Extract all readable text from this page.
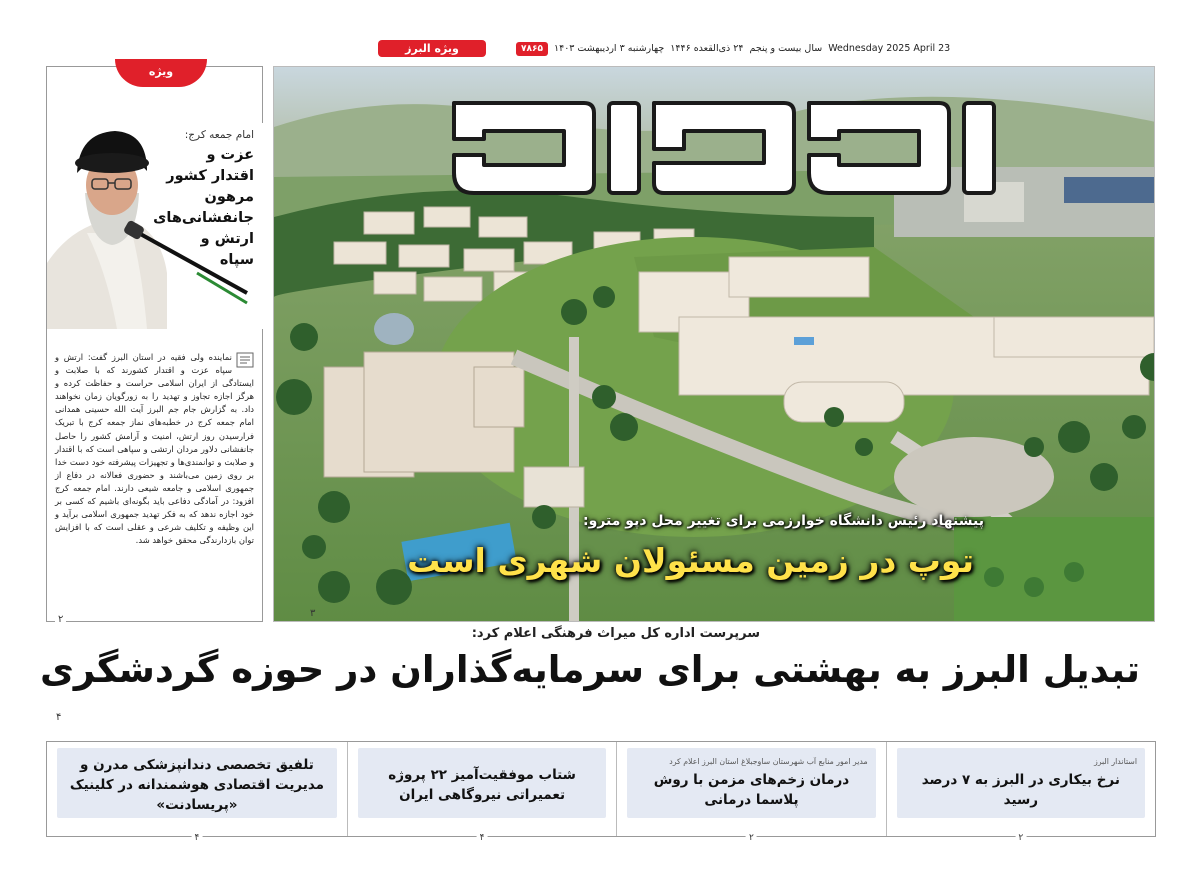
ویژه البرز	۷۸۶۵	چهارشنبه ۳ اردیبهشت ۱۴۰۳ ۲۴ ذی‌القعده ۱۴۴۶ سال بیست و پنجم Wednesday 2025 April 23
پیشنهاد رئیس دانشگاه خوارزمی برای تغییر محل دپو مترو:
توپ در زمین مسئولان شهری است
۳
ویژه
امام جمعه کرج:
عزت و اقتدار کشور مرهون جانفشانی‌های ارتش و سپاه
نماینده ولی فقیه در استان البرز گفت: ارتش و سپاه عزت و اقتدار کشورند که با صلابت و ایستادگی از ایران اسلامی حراست و حفاظت کرده و هرگز اجازه تجاوز و تهدید را به زورگویان زمان نخواهند داد. به گزارش جام جم البرز آیت الله حسینی همدانی امام جمعه کرج در خطبه‌های نماز جمعه کرج با تبریک فرارسیدن روز ارتش، امنیت و آرامش کشور را حاصل جانفشانی دلاور مردان ارتشی و سپاهی است که با اقتدار و صلابت و توانمندی‌ها و تجهیزات پیشرفته خود دست خدا بر روی زمین می‌باشند و حضوری فعالانه در دفاع از جمهوری اسلامی و جامعه شیعی دارند. امام جمعه کرج افزود: در آمادگی دفاعی باید بگونه‌ای باشیم که کسی بر خود اجازه ندهد که به فکر تهدید جمهوری اسلامی برآید و این وظیفه و تکلیف شرعی و عقلی است که با افزایش توان بازدارندگی محقق خواهد شد.
۲
سرپرست اداره کل میراث فرهنگی اعلام کرد:
تبدیل البرز به بهشتی برای سرمایه‌گذاران در حوزه گردشگری
۴
استاندار البرز
نرخ بیکاری در البرز به ۷ درصد رسید
۲
مدیر امور منابع آب شهرستان ساوجبلاغ استان البرز اعلام کرد
درمان زخم‌های مزمن با روش پلاسما درمانی
۲
شتاب موفقیت‌آمیز ۲۲ پروژه تعمیراتی نیروگاهی ایران
۴
تلفیق تخصصی دندانپزشکی مدرن و مدیریت اقتصادی هوشمندانه در کلینیک «پریسادنت»
۴
